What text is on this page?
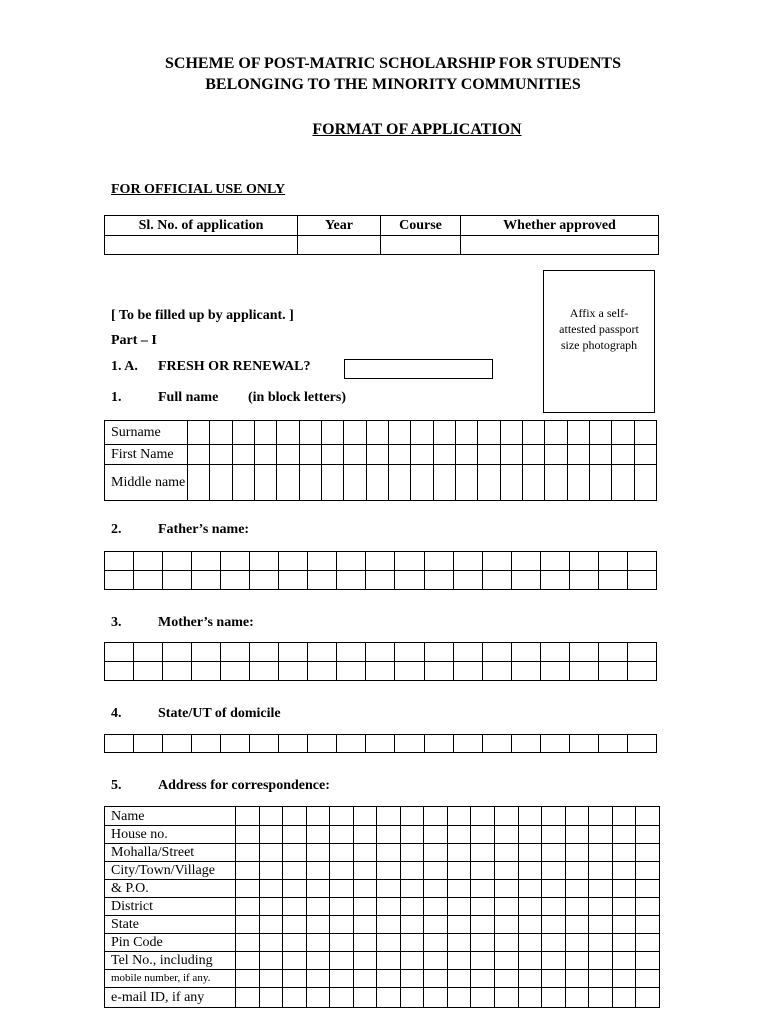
SCHEME OF POST-MATRIC SCHOLARSHIP FOR STUDENTS
BELONGING TO THE MINORITY COMMUNITIES
FORMAT OF APPLICATION
FOR OFFICIAL USE ONLY
Sl. No. of application	Year	Course	Whether approved

Affix a self-
attested passport
size photograph
[ To be filled up by applicant. ]
Part – I
1. A. FRESH OR RENEWAL?
1.	Full name (in block letters)
Surname																					
First Name																					
Middle name																					
2.	Father’s name:

3.	Mother’s name:

4.	State/UT of domicile

5.	Address for correspondence:
Name																		
House no.																		
Mohalla/Street																		
City/Town/Village																		
& P.O.																		
District																		
State																		
Pin Code																		
Tel No., including																		
mobile number, if any.																		
e-mail ID, if any																		
